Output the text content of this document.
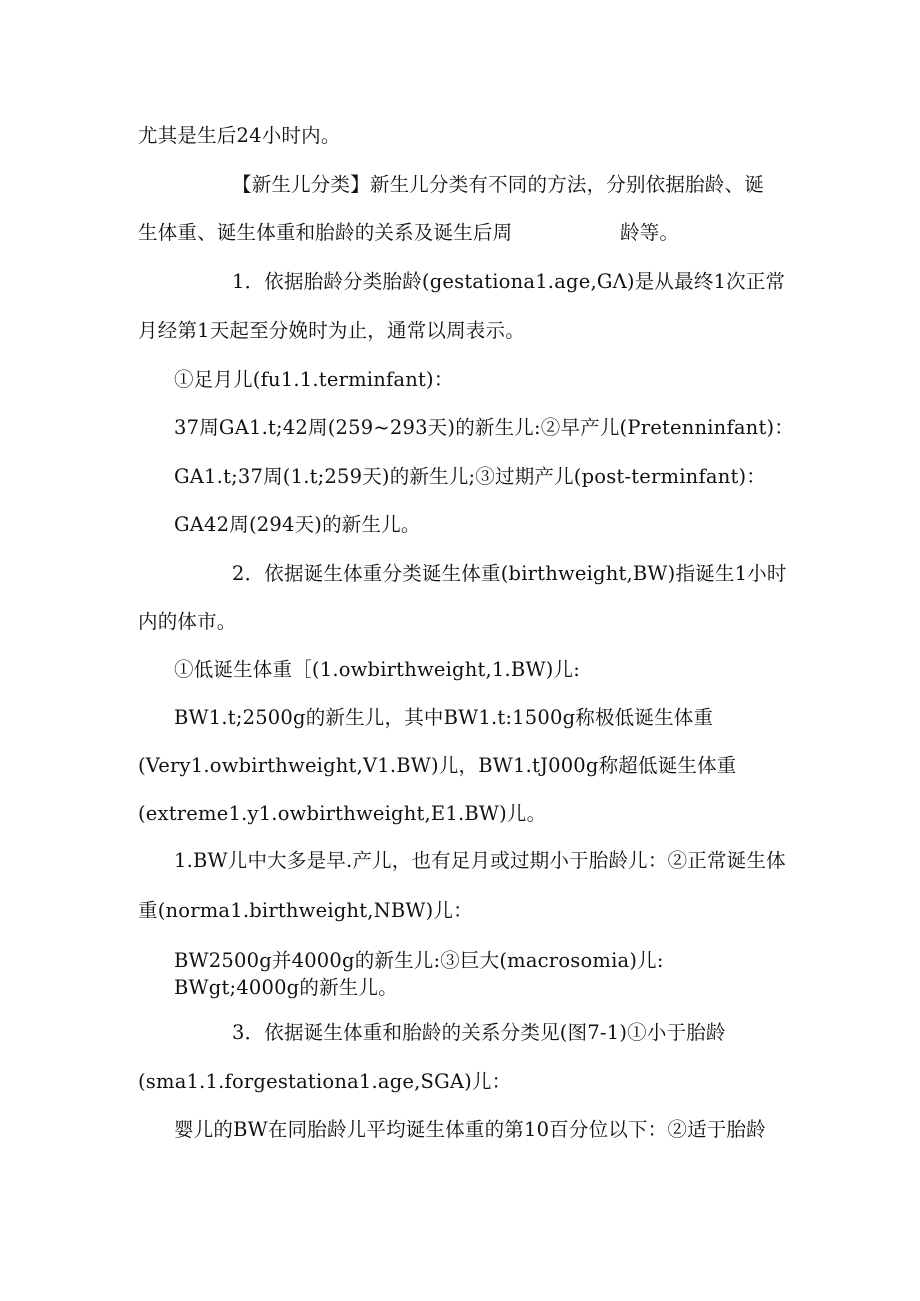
尤其是生后24小时内。
【新生儿分类】新生儿分类有不同的方法，分别依据胎龄、诞
生体重、诞生体重和胎龄的关系及诞生后周	龄等。
1．依据胎龄分类胎龄(gestationa1.age,GΛ)是从最终1次正常
月经第1天起至分娩时为止，通常以周表示。
①足月儿(fu1.1.terminfant)：
37周GA1.t;42周(259~293天)的新生儿:②早产儿(Pretenninfant)：
GA1.t;37周(1.t;259天)的新生儿;③过期产儿(post-terminfant)：
GA42周(294天)的新生儿。
2．依据诞生体重分类诞生体重(birthweight,BW)指诞生1小时
内的体市。
①低诞生体重［(1.owbirthweight,1.BW)儿:
BW1.t;2500g的新生儿，其中BW1.t:1500g称极低诞生体重
(Very1.owbirthweight,V1.BW)儿，BW1.tJ000g称超低诞生体重
(extreme1.y1.owbirthweight,E1.BW)儿。
1.BW儿中大多是早.产儿，也有足月或过期小于胎龄儿：②正常诞生体
重(norma1.birthweight,NBW)儿：
BW2500g并4000g的新生儿:③巨大(macrosomia)儿:
BWgt;4000g的新生儿。
3．依据诞生体重和胎龄的关系分类见(图7-1)①小于胎龄
(sma1.1.forgestationa1.age,SGA)儿：
婴儿的BW在同胎龄儿平均诞生体重的第10百分位以下：②适于胎龄
